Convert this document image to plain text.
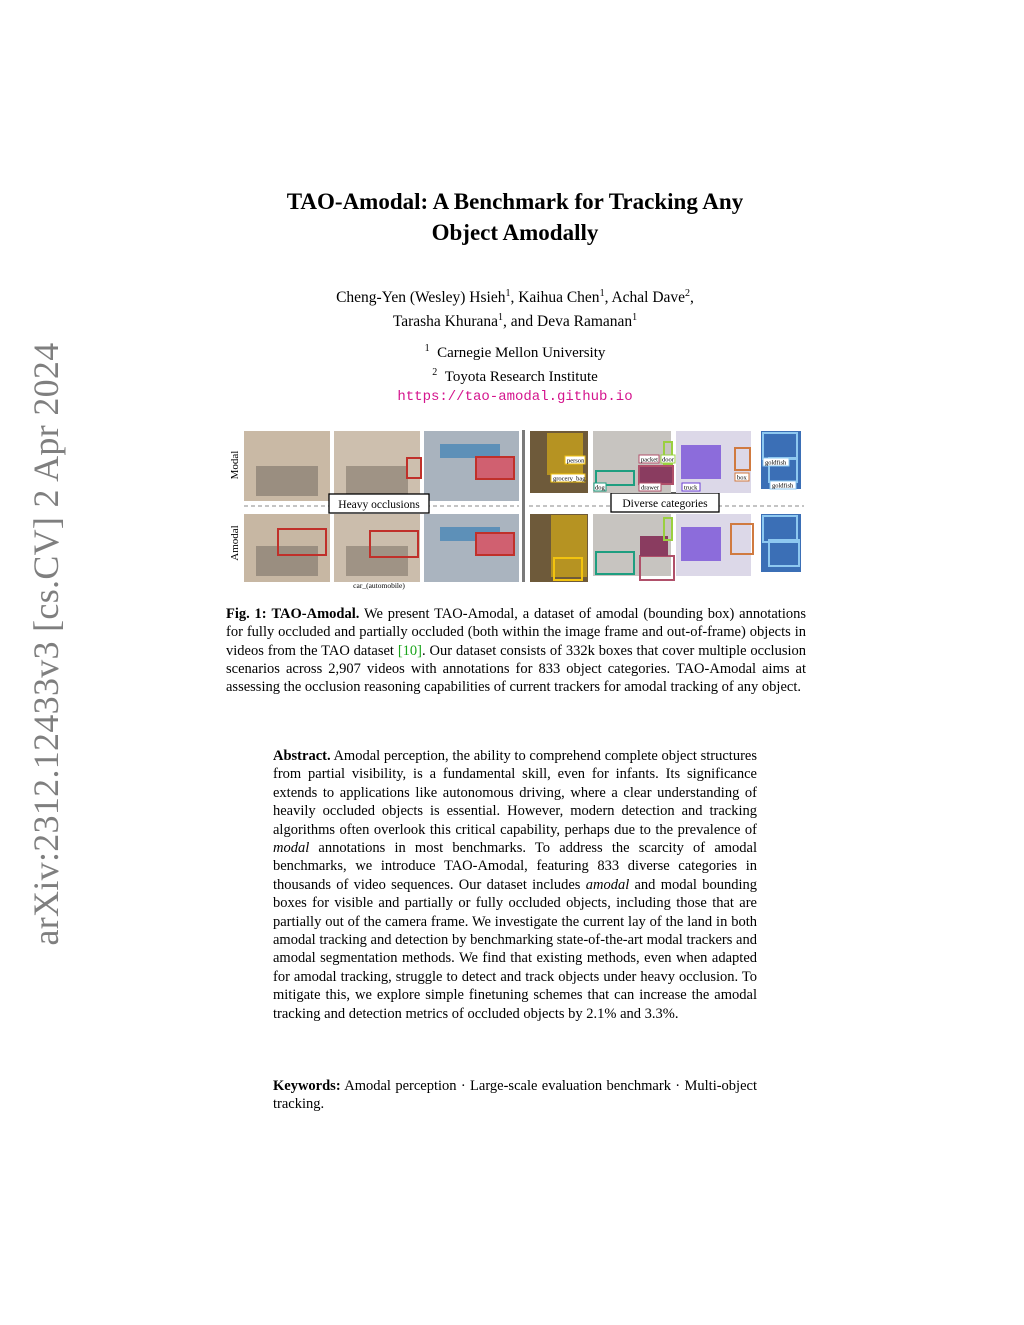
arXiv:2312.12433v3 [cs.CV] 2 Apr 2024
TAO-Amodal: A Benchmark for Tracking Any
Object Amodally
Cheng-Yen (Wesley) Hsieh$^1$, Kaihua Chen$^1$, Achal Dave$^2$,
Tarasha Khurana$^1$, and Deva Ramanan$^1$
$^1$ Carnegie Mellon University
$^2$ Toyota Research Institute
https://tao-amodal.github.io
Modal
Amodal
Heavy occlusions	Diverse categories
car_(automobile)
person
grocery_bag
packet door
dog	drawer	truck
box
goldfish
goldfish
Fig. 1: TAO-Amodal. We present TAO-Amodal, a dataset of amodal (bounding box) annotations for fully occluded and partially occluded (both within the image frame and out-of-frame) objects in videos from the TAO dataset [10]. Our dataset consists of 332k boxes that cover multiple occlusion scenarios across 2,907 videos with annotations for 833 object categories. TAO-Amodal aims at assessing the occlusion reasoning capabilities of current trackers for amodal tracking of any object.
Abstract. Amodal perception, the ability to comprehend complete object structures from partial visibility, is a fundamental skill, even for infants. Its significance extends to applications like autonomous driving, where a clear understanding of heavily occluded objects is essential. However, modern detection and tracking algorithms often overlook this critical capability, perhaps due to the prevalence of modal annotations in most benchmarks. To address the scarcity of amodal benchmarks, we introduce TAO-Amodal, featuring 833 diverse categories in thousands of video sequences. Our dataset includes amodal and modal bounding boxes for visible and partially or fully occluded objects, including those that are partially out of the camera frame. We investigate the current lay of the land in both amodal tracking and detection by benchmarking state-of-the-art modal trackers and amodal segmentation methods. We find that existing methods, even when adapted for amodal tracking, struggle to detect and track objects under heavy occlusion. To mitigate this, we explore simple finetuning schemes that can increase the amodal tracking and detection metrics of occluded objects by 2.1% and 3.3%.
Keywords: Amodal perception · Large-scale evaluation benchmark · Multi-object tracking.
